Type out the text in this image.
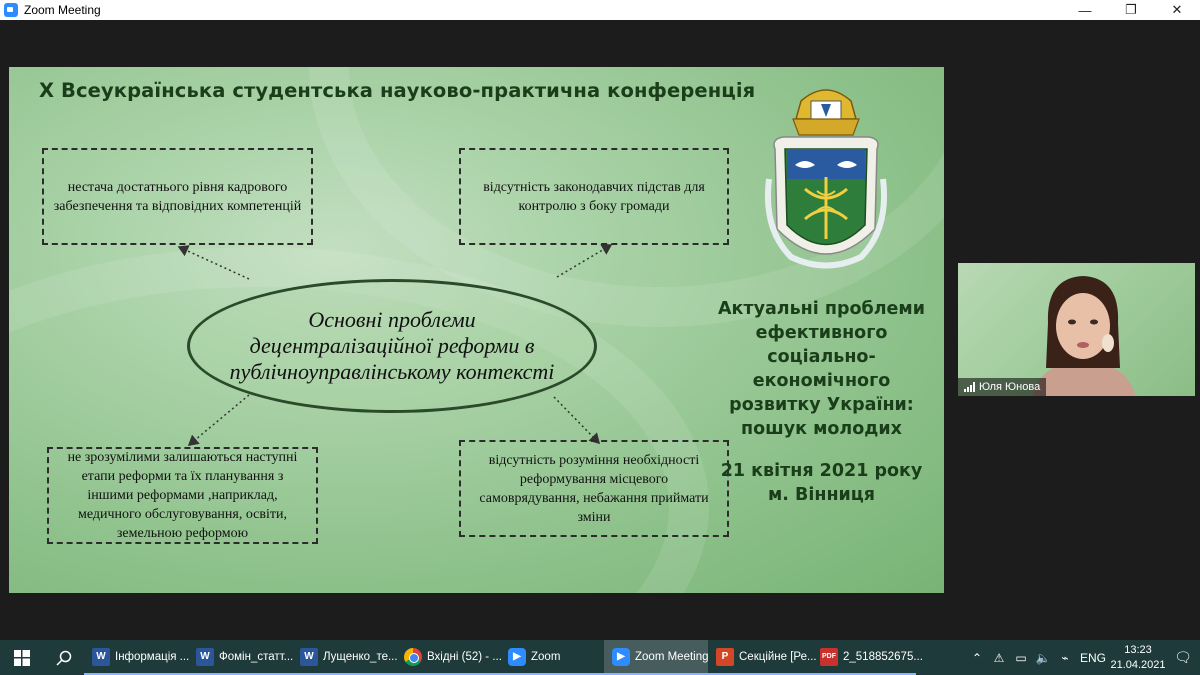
Zoom Meeting	—	❐	✕
X Всеукраїнська студентська науково-практична конференція
нестача достатнього рівня кадрового забезпечення та відповідних компетенцій
відсутність законодавчих підстав для контролю з боку громади
не зрозумілими залишаються наступні етапи реформи та їх планування з іншими реформами ,наприклад, медичного обслуговування, освіти, земельною реформою
відсутність розуміння необхідності реформування місцевого самоврядування, небажання приймати зміни
Основні проблеми децентралізаційної реформи в публічноуправлінському контексті
Актуальні проблеми
ефективного
соціально-економічного
розвитку України:
пошук молодих
21 квітня 2021 року
м. Вінниця
Юля Юнова
W Інформація ...	W Фомін_статт...	W Лущенко_те...	Вхідні (52) - ...	▶ Zoom	▶ Zoom Meeting	P Секційне [Ре... PDF 2_518852675...	⌃ ⚠ ▭ 🔈 ⌁ ENG
13:23
21.04.2021 🗨
